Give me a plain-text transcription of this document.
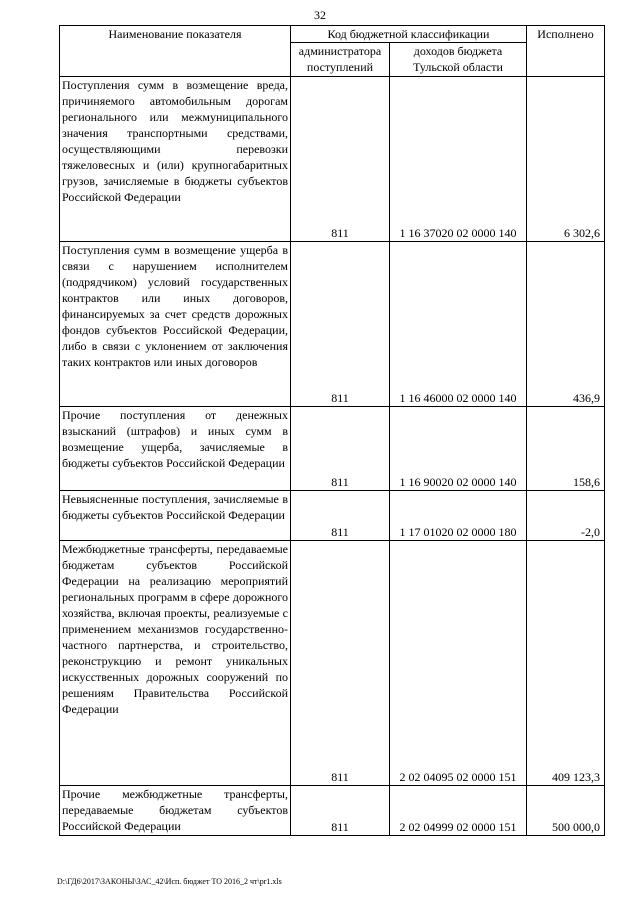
32
Наименование показателя	Код бюджетной классификации		Исполнено
	администратора поступлений	доходов бюджета Тульской области	
Поступления сумм в возмещение вреда, причиняемого автомобильным дорогам регионального или межмуниципального значения транспортными средствами, осуществляющими перевозки тяжеловесных и (или) крупногабаритных грузов, зачисляемые в бюджеты субъектов Российской Федерации	811	1 16 37020 02 0000 140	6 302,6
Поступления сумм в возмещение ущерба в связи с нарушением исполнителем (подрядчиком) условий государственных контрактов или иных договоров, финансируемых за счет средств дорожных фондов субъектов Российской Федерации, либо в связи с уклонением от заключения таких контрактов или иных договоров	811	1 16 46000 02 0000 140	436,9
Прочие поступления от денежных взысканий (штрафов) и иных сумм в возмещение ущерба, зачисляемые в бюджеты субъектов Российской Федерации	811	1 16 90020 02 0000 140	158,6
Невыясненные поступления, зачисляемые в бюджеты субъектов Российской Федерации	811	1 17 01020 02 0000 180	-2,0
Межбюджетные трансферты, передаваемые бюджетам субъектов Российской Федерации на реализацию мероприятий региональных программ в сфере дорожного хозяйства, включая проекты, реализуемые с применением механизмов государственно-частного партнерства, и строительство, реконструкцию и ремонт уникальных искусственных дорожных сооружений по решениям Правительства Российской Федерации	811	2 02 04095 02 0000 151	409 123,3
Прочие межбюджетные трансферты, передаваемые бюджетам субъектов Российской Федерации	811	2 02 04999 02 0000 151	500 000,0
D:\ГД6\2017\ЗАКОНЫ\ЗАС_42\Исп. бюджет ТО 2016_2 чт\pr1.xls
